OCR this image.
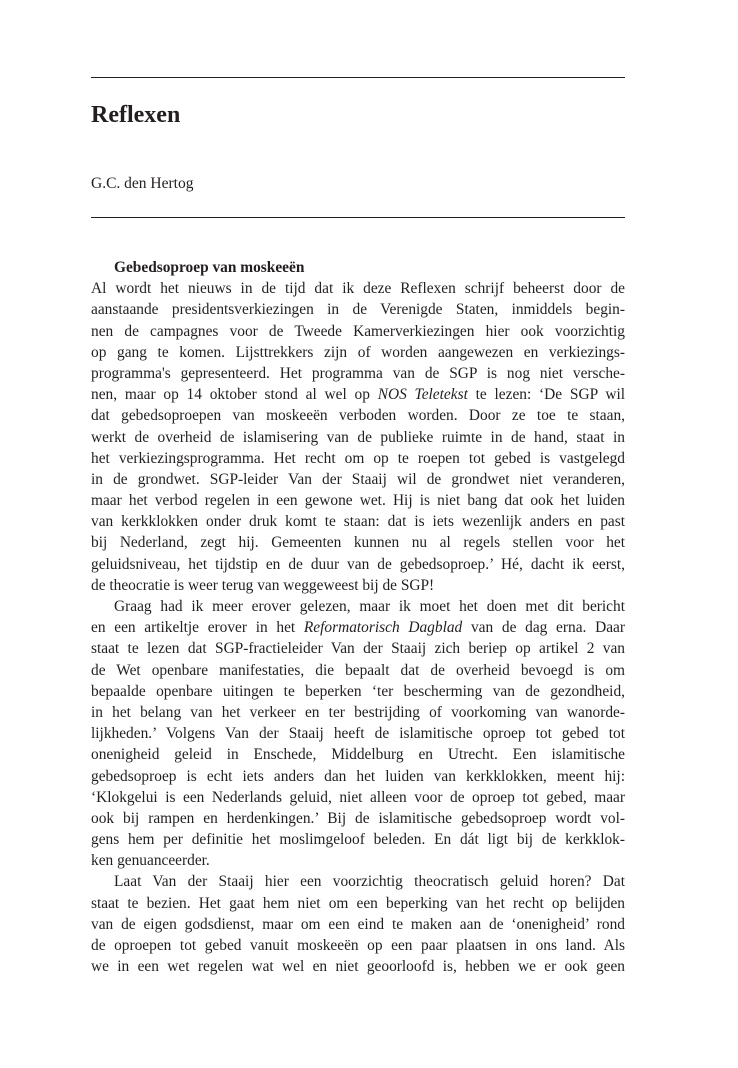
Reflexen

G.C. den Hertog

Gebedsoproep van moskeeën
Al wordt het nieuws in de tijd dat ik deze Reflexen schrijf beheerst door de
aanstaande presidentsverkiezingen in de Verenigde Staten, inmiddels begin-
nen de campagnes voor de Tweede Kamerverkiezingen hier ook voorzichtig
op gang te komen. Lijsttrekkers zijn of worden aangewezen en verkiezings-
programma's gepresenteerd. Het programma van de SGP is nog niet versche-
nen, maar op 14 oktober stond al wel op NOS Teletekst te lezen: ‘De SGP wil
dat gebedsoproepen van moskeeën verboden worden. Door ze toe te staan,
werkt de overheid de islamisering van de publieke ruimte in de hand, staat in
het verkiezingsprogramma. Het recht om op te roepen tot gebed is vastgelegd
in de grondwet. SGP-leider Van der Staaij wil de grondwet niet veranderen,
maar het verbod regelen in een gewone wet. Hij is niet bang dat ook het luiden
van kerkklokken onder druk komt te staan: dat is iets wezenlijk anders en past
bij Nederland, zegt hij. Gemeenten kunnen nu al regels stellen voor het
geluidsniveau, het tijdstip en de duur van de gebedsoproep.’ Hé, dacht ik eerst,
de theocratie is weer terug van weggeweest bij de SGP!
Graag had ik meer erover gelezen, maar ik moet het doen met dit bericht
en een artikeltje erover in het Reformatorisch Dagblad van de dag erna. Daar
staat te lezen dat SGP-fractieleider Van der Staaij zich beriep op artikel 2 van
de Wet openbare manifestaties, die bepaalt dat de overheid bevoegd is om
bepaalde openbare uitingen te beperken ‘ter bescherming van de gezondheid,
in het belang van het verkeer en ter bestrijding of voorkoming van wanorde-
lijkheden.’ Volgens Van der Staaij heeft de islamitische oproep tot gebed tot
onenigheid geleid in Enschede, Middelburg en Utrecht. Een islamitische
gebedsoproep is echt iets anders dan het luiden van kerkklokken, meent hij:
‘Klokgelui is een Nederlands geluid, niet alleen voor de oproep tot gebed, maar
ook bij rampen en herdenkingen.’ Bij de islamitische gebedsoproep wordt vol-
gens hem per definitie het moslimgeloof beleden. En dát ligt bij de kerkklok-
ken genuanceerder.
Laat Van der Staaij hier een voorzichtig theocratisch geluid horen? Dat
staat te bezien. Het gaat hem niet om een beperking van het recht op belijden
van de eigen godsdienst, maar om een eind te maken aan de ‘onenigheid’ rond
de oproepen tot gebed vanuit moskeeën op een paar plaatsen in ons land. Als
we in een wet regelen wat wel en niet geoorloofd is, hebben we er ook geen
